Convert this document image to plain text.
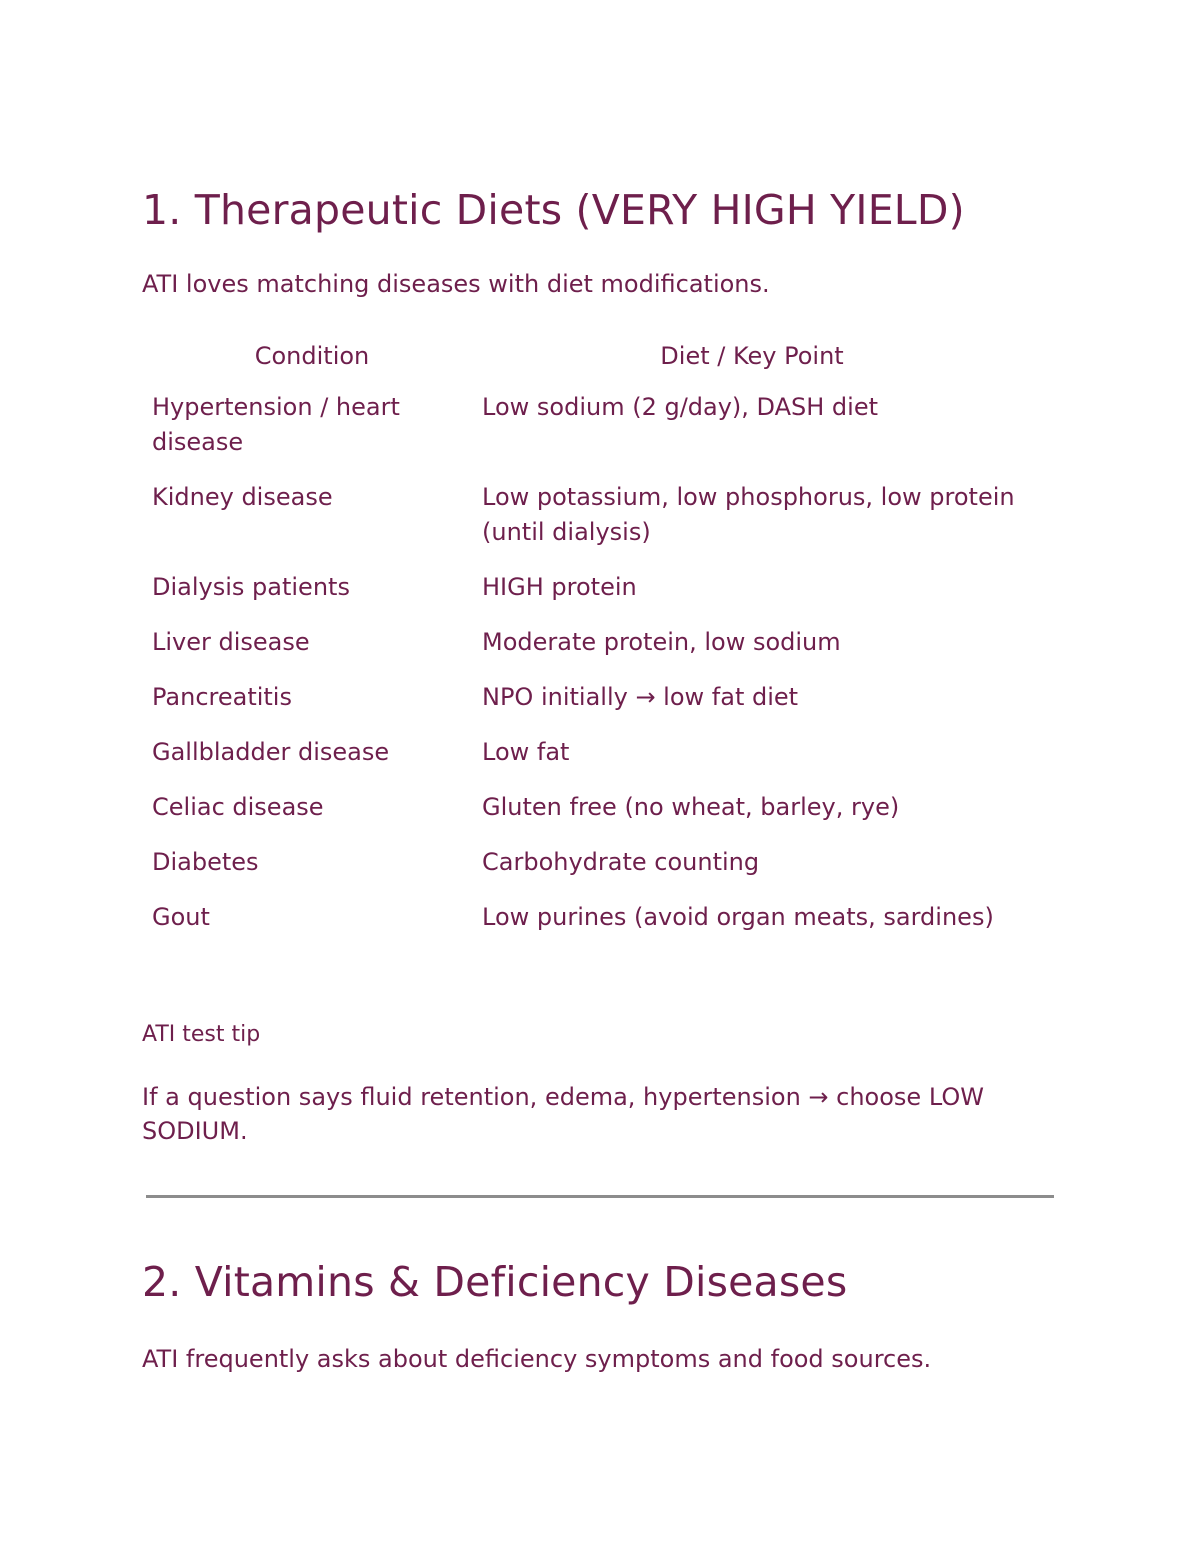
1. Therapeutic Diets (VERY HIGH YIELD)

ATI loves matching diseases with diet modifications.

Condition	Diet / Key Point
Hypertension / heart disease	Low sodium (2 g/day), DASH diet
Kidney disease	Low potassium, low phosphorus, low protein (until dialysis)
Dialysis patients	HIGH protein
Liver disease	Moderate protein, low sodium
Pancreatitis	NPO initially → low fat diet
Gallbladder disease	Low fat
Celiac disease	Gluten free (no wheat, barley, rye)
Diabetes	Carbohydrate counting
Gout	Low purines (avoid organ meats, sardines)
ATI test tip
If a question says fluid retention, edema, hypertension → choose LOW SODIUM.
2. Vitamins & Deficiency Diseases

ATI frequently asks about deficiency symptoms and food sources.
